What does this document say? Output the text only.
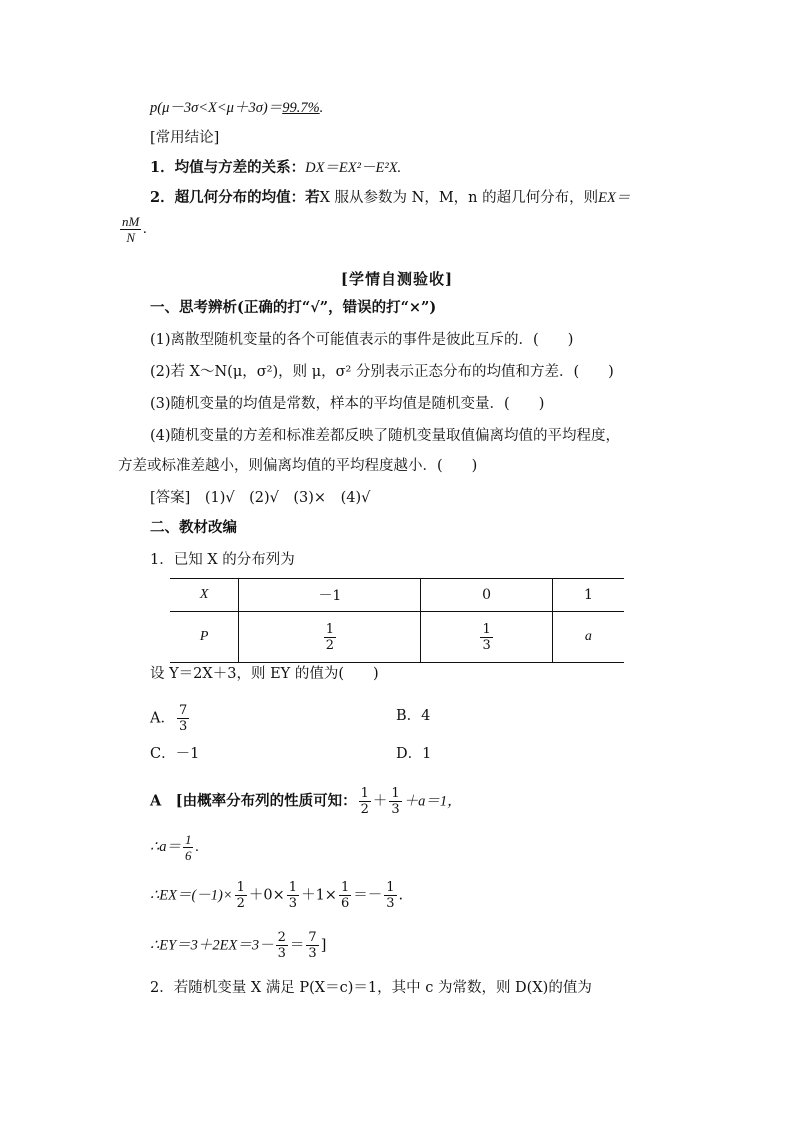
p(μ－3σ<X<μ＋3σ)＝99.7%.
[常用结论]
1．均值与方差的关系：DX＝EX²－E²X.
2．超几何分布的均值：若X 服从参数为 N，M，n 的超几何分布，则EX＝
$\frac{nM}{N}$ .
[学情自测验收]
一、思考辨析(正确的打“√”，错误的打“×”)
(1)离散型随机变量的各个可能值表示的事件是彼此互斥的．(　　)
(2)若 X～N(μ，σ²)，则 μ，σ² 分别表示正态分布的均值和方差．(　　)
(3)随机变量的均值是常数，样本的平均值是随机变量．(　　)
(4)随机变量的方差和标准差都反映了随机变量取值偏离均值的平均程度，
方差或标准差越小，则偏离均值的平均程度越小．(　　)
[答案]　 (1)√　(2)√　(3)×　(4)√
二、教材改编
1．已知 X 的分布列为
X	－1	0	1
P	$\frac{1}{2}$	$\frac{1}{3}$	a
设 Y＝2X＋3，则 EY 的值为(　　)
A． $\frac{7}{3}$	B．4
C．－1	D．1
A　[由概率分布列的性质可知： $\frac{1}{2} + \frac{1}{3} +a=1$，
∴a＝ $\frac{1}{6}$ .
∴EX＝(－1)× $\frac{1}{2} +0\times \frac{1}{3} +1\times \frac{1}{6} =- \frac{1}{3}$ .
∴EY＝3＋2EX＝3－ $\frac{2}{3} = \frac{7}{3}$ ]
2．若随机变量 X 满足 P(X＝c)＝1，其中 c 为常数，则 D(X)的值为
